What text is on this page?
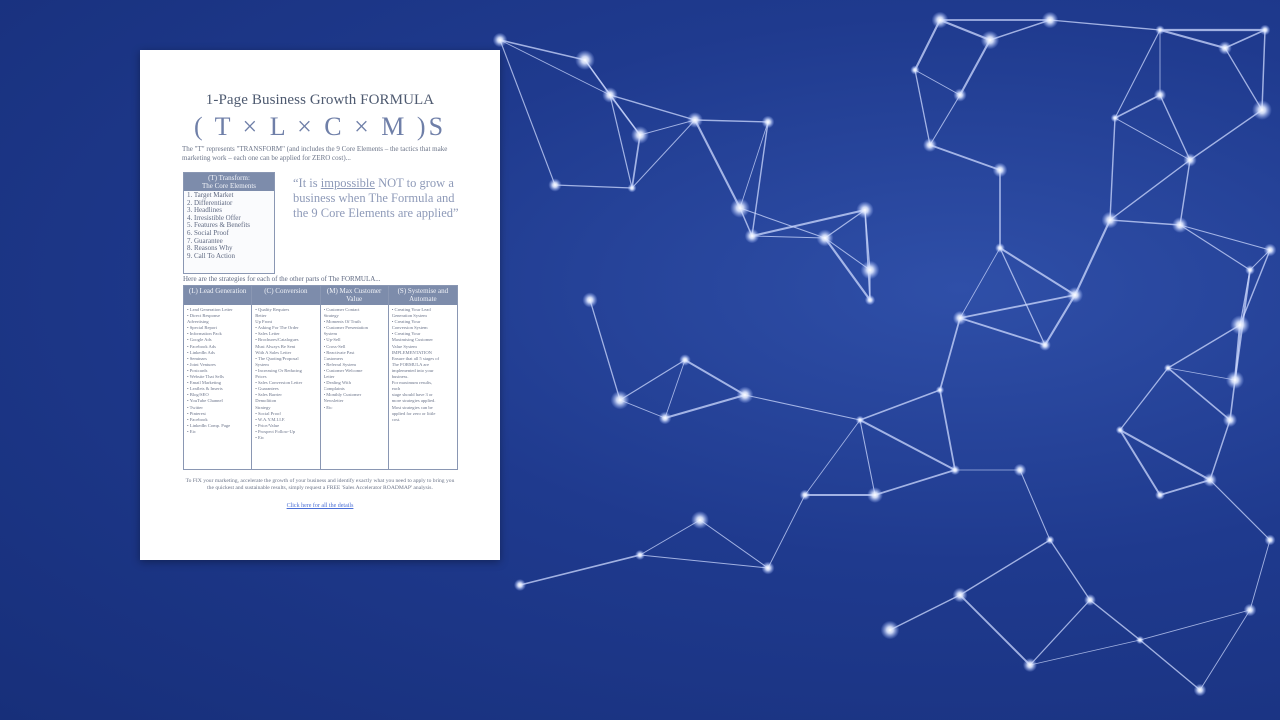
1-Page Business Growth FORMULA
( T × L × C × M )S
The "T" represents "TRANSFORM" (and includes the 9 Core Elements – the tactics that make marketing work – each one can be applied for ZERO cost)...
(T) Transform:
The Core Elements
1. Target Market
2. Differentiator
3. Headlines
4. Irresistible Offer
5. Features & Benefits
6. Social Proof
7. Guarantee
8. Reasons Why
9. Call To Action
“It is impossible NOT to grow a business when The Formula and the 9 Core Elements are applied”
Here are the strategies for each of the other parts of The FORMULA...
(L) Lead Generation
• Lead Generation Letter
• Direct Response
Advertising
• Special Report
• Information Pack
• Google Ads
• Facebook Ads
• LinkedIn Ads
• Seminars
• Joint Ventures
• Postcards
• Website That Sells
• Email Marketing
• Leaflets & Inserts
• Blog/SEO
• YouTube Channel
• Twitter
• Pinterest
• Facebook
• LinkedIn Comp. Page
• Etc
(C) Conversion
• Quality Requires
Better
Up Front
• Asking For The Order
• Sales Letter
• Brochures/Catalogues
Must Always Be Sent
With A Sales Letter
• The Quoting/Proposal
System
• Increasing Or Reducing
Prices
• Sales Conversion Letter
• Guarantees
• Sales Barrier
Demolition
Strategy
• Social Proof
• W.A.Y.M.I.I.F.
• Price/Value
• Prospect Follow-Up
• Etc
(M) Max Customer Value
• Customer Contact
Strategy
• Moments Of Truth
• Customer Presentation
System
• Up-Sell
• Cross-Sell
• Reactivate Past
Customers
• Referral System
• Customer Welcome
Letter
• Dealing With
Complaints
• Monthly Customer
Newsletter
• Etc
(S) Systemise and Automate
• Creating Your Lead
Generation System
• Creating Your
Conversion System
• Creating Your
Maximising Customer
Value System
IMPLEMENTATION
Ensure that all 5 stages of
The FORMULA are
implemented into your
business.
For maximum results,
each
stage should have 3 or
more strategies applied.
Most strategies can be
applied for zero or little
cost.
To FIX your marketing, accelerate the growth of your business and identify exactly what you need to apply to bring you the quickest and sustainable results, simply request a FREE 'Sales Accelerator ROADMAP' analysis.
Click here for all the details
